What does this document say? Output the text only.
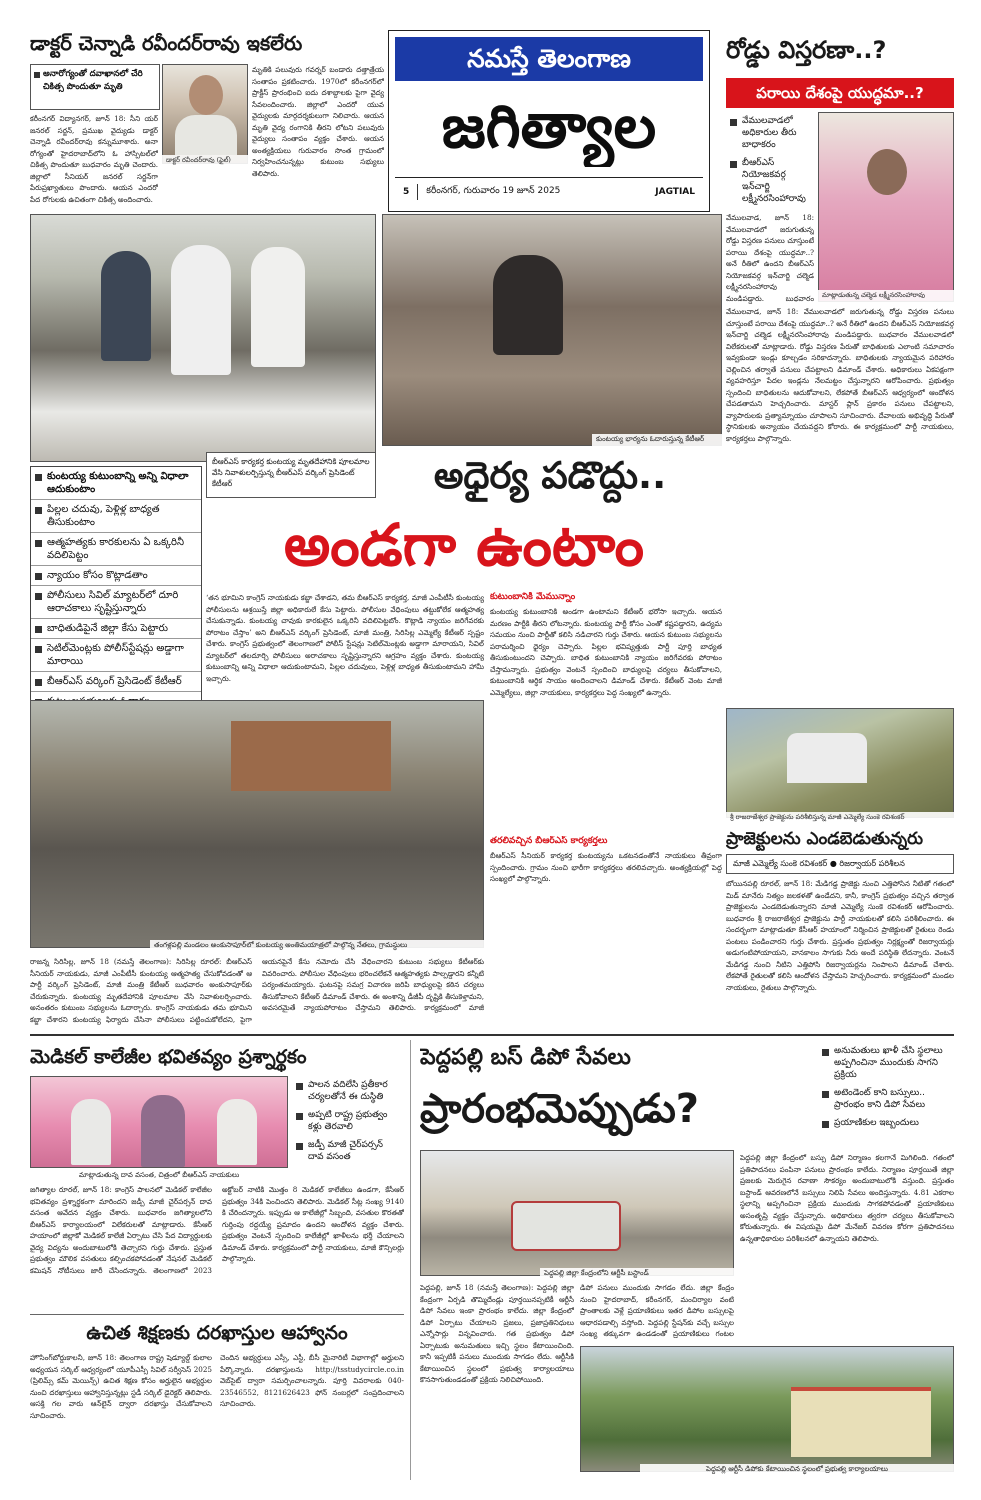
నమస్తే తెలంగాణ
జగిత్యాల
5	కరీంనగర్, గురువారం 19 జూన్ 2025	JAGTIAL
డాక్టర్ చెన్నాడి రవీందర్‌రావు ఇకలేరు
అనారోగ్యంతో దవాఖానలో చేరి చికిత్స పొందుతూ మృతి
డాక్టర్ రవీందర్‌రావు (ఫైల్)
కరీంనగర్ విద్యానగర్, జూన్ 18: సీని యర్ జనరల్ సర్జన్, ప్రముఖ వైద్యుడు డాక్టర్ చెన్నాడి రవీందర్‌రావు కన్నుమూశారు. అనా రోగ్యంతో హైదరాబాద్‌లోని ఓ హాస్పిటల్‌లో చికిత్స పొందుతూ బుధవారం మృతి చెందారు. జిల్లాలో సీనియర్ జనరల్ సర్జన్‌గా పేరుప్రఖ్యాతులు పొందారు. ఆయన ఎందరో పేద రోగులకు ఉచితంగా చికిత్స అందించారు.
మృతికి పలువురు గవర్నర్ బండారు దత్తాత్రేయ సంతాపం ప్రకటించారు. 1970లో కరీంనగర్‌లో ప్రాక్టీస్ ప్రారంభించి ఐదు దశాబ్దాలకు పైగా వైద్య సేవలందించారు. జిల్లాలో ఎందరో యువ వైద్యులకు మార్గదర్శకులుగా నిలిచారు. ఆయన మృతి వైద్య రంగానికి తీరని లోటని పలువురు వైద్యులు సంతాపం వ్యక్తం చేశారు. ఆయన అంత్యక్రియలు గురువారం సొంత గ్రామంలో నిర్వహించనున్నట్లు కుటుంబ సభ్యులు తెలిపారు.
రోడ్డు విస్తరణా..?
పరాయి దేశంపై యుద్ధమా..?
వేములవాడలో అధికారుల తీరు బాధాకరం
బీఆర్‌ఎస్ నియోజకవర్గ ఇన్‌చార్జి లక్ష్మీనరసింహారావు
మాట్లాడుతున్న చల్మెడ లక్ష్మీనరసింహారావు
వేములవాడ, జూన్ 18: వేములవాడలో జరుగుతున్న రోడ్డు విస్తరణ పనులు చూస్తుంటే పరాయి దేశంపై యుద్ధమా..? అనే రీతిలో ఉందని బీఆర్‌ఎస్ నియోజకవర్గ ఇన్‌చార్జి చల్మెడ లక్ష్మీనరసింహారావు మండిపడ్డారు. బుధవారం
వేములవాడ, జూన్ 18: వేములవాడలో జరుగుతున్న రోడ్డు విస్తరణ పనులు చూస్తుంటే పరాయి దేశంపై యుద్ధమా..? అనే రీతిలో ఉందని బీఆర్‌ఎస్ నియోజకవర్గ ఇన్‌చార్జి చల్మెడ లక్ష్మీనరసింహారావు మండిపడ్డారు. బుధవారం వేములవాడలో విలేకరులతో మాట్లాడారు. రోడ్డు విస్తరణ పేరుతో బాధితులకు ఎలాంటి సమాచారం ఇవ్వకుండా ఇండ్లు కూల్చడం సరికాదన్నారు. బాధితులకు న్యాయమైన పరిహారం చెల్లించిన తర్వాతే పనులు చేపట్టాలని డిమాండ్ చేశారు. అధికారులు ఏకపక్షంగా వ్యవహరిస్తూ పేదల ఇండ్లను నేలమట్టం చేస్తున్నారని ఆరోపించారు. ప్రభుత్వం స్పందించి బాధితులను ఆదుకోవాలని, లేకపోతే బీఆర్‌ఎస్ ఆధ్వర్యంలో ఆందోళన చేపడతామని హెచ్చరించారు. మాస్టర్ ప్లాన్ ప్రకారం పనులు చేపట్టాలని, వ్యాపారులకు ప్రత్యామ్నాయం చూపాలని సూచించారు. దేవాలయ అభివృద్ధి పేరుతో స్థానికులకు అన్యాయం చేయవద్దని కోరారు. ఈ కార్యక్రమంలో పార్టీ నాయకులు, కార్యకర్తలు పాల్గొన్నారు.
కుంటయ్య భార్యను ఓదారుస్తున్న కేటీఆర్
బీఆర్‌ఎస్ కార్యకర్త కుంటయ్య మృతదేహానికి పూలమాల వేసి నివాళులర్పిస్తున్న బీఆర్‌ఎస్ వర్కింగ్ ప్రెసిడెంట్ కేటీఆర్	అధైర్య పడొద్దు..
అండగా ఉంటాం
కుంటయ్య కుటుంబాన్ని అన్ని విధాలా ఆదుకుంటాం
పిల్లల చదువు, పెళ్లిళ్ల బాధ్యత తీసుకుంటాం
ఆత్మహత్యకు కారకులను ఏ ఒక్కరినీ వదిలిపెట్టం
న్యాయం కోసం కొట్లాడతాం
పోలీసులు సివిల్ మ్యాటర్‌లో దూరి ఆరాచకాలు సృష్టిస్తున్నారు
బాధితుడిపైనే జిల్లా కేసు పెట్టారు
సెటిల్‌మెంట్లకు పోలీస్‌స్టేషన్లు అడ్డాగా మారాయి
బీఆర్‌ఎస్ వర్కింగ్ ప్రెసిడెంట్ కేటీఆర్
‘తన భూమిని కాంగ్రెస్ నాయకుడు కబ్జా చేశాడని, తమ బీఆర్‌ఎస్ కార్యకర్త, మాజీ ఎంపీటీసీ కుంటయ్య పోలీసులను ఆశ్రయిస్తే జిల్లా అధికారులే కేసు పెట్టారు. పోలీసుల వేధింపులు తట్టుకోలేక ఆత్మహత్య చేసుకున్నాడు. కుంటయ్య చావుకు కారకులైన ఒక్కరినీ వదిలిపెట్టబోం. కొట్లాడి న్యాయం జరిగేవరకు పోరాటం చేస్తాం’ అని బీఆర్‌ఎస్ వర్కింగ్ ప్రెసిడెంట్, మాజీ మంత్రి, సిరిసిల్ల ఎమ్మెల్యే కేటీఆర్ స్పష్టం చేశారు. కాంగ్రెస్ ప్రభుత్వంలో తెలంగాణలో పోలీస్ స్టేషన్లు సెటిల్‌మెంట్లకు అడ్డాగా మారాయని, సివిల్ మ్యాటర్‌లో తలదూర్చి పోలీసులు అరాచకాలు సృష్టిస్తున్నారని ఆగ్రహం వ్యక్తం చేశారు. కుంటయ్య కుటుంబాన్ని అన్ని విధాలా ఆదుకుంటామని, పిల్లల చదువులు, పెళ్లిళ్ల బాధ్యత తీసుకుంటామని హామీ ఇచ్చారు.
కుటుంబానికి మేమున్నాం
కుంటయ్య కుటుంబానికి అండగా ఉంటామని కేటీఆర్ భరోసా ఇచ్చారు. ఆయన మరణం పార్టీకి తీరని లోటన్నారు. కుంటయ్య పార్టీ కోసం ఎంతో కష్టపడ్డారని, ఉద్యమ సమయం నుంచి పార్టీతో కలిసి నడిచారని గుర్తు చేశారు. ఆయన కుటుంబ సభ్యులను పరామర్శించి ధైర్యం చెప్పారు. పిల్లల భవిష్యత్తుకు పార్టీ పూర్తి బాధ్యత తీసుకుంటుందని చెప్పారు. బాధిత కుటుంబానికి న్యాయం జరిగేవరకు పోరాటం చేస్తామన్నారు. ప్రభుత్వం వెంటనే స్పందించి బాధ్యులపై చర్యలు తీసుకోవాలని, కుటుంబానికి ఆర్థిక సాయం అందించాలని డిమాండ్ చేశారు. కేటీఆర్ వెంట మాజీ ఎమ్మెల్యేలు, జిల్లా నాయకులు, కార్యకర్తలు పెద్ద సంఖ్యలో ఉన్నారు.
తరలివచ్చిన బీఆర్‌ఎస్ కార్యకర్తలు
బీఆర్‌ఎస్ సీనియర్ కార్యకర్త కుంటయ్యను ఒకటనడంతోనే నాయకులు తీవ్రంగా స్పందించారు. గ్రామం నుంచి భారీగా కార్యకర్తలు తరలివచ్చారు. అంత్యక్రియల్లో పెద్ద సంఖ్యలో పాల్గొన్నారు.
తంగళ్లపల్లి మండలం అంకుసాపూర్‌లో కుంటయ్య అంతిమయాత్రలో పాల్గొన్న నేతలు, గ్రామస్థులు
రాజన్న సిరిసిల్ల, జూన్ 18 (నమస్తే తెలంగాణ): సిరిసిల్ల రూరల్: బీఆర్‌ఎస్ సీనియర్ నాయకుడు, మాజీ ఎంపీటీసీ కుంటయ్య ఆత్మహత్య చేసుకోవడంతో ఆ పార్టీ వర్కింగ్ ప్రెసిడెంట్, మాజీ మంత్రి కేటీఆర్ బుధవారం అంకుసాపూర్‌కు చేరుకున్నారు. కుంటయ్య మృతదేహానికి పూలమాల వేసి నివాళులర్పించారు. అనంతరం కుటుంబ సభ్యులను ఓదార్చారు. కాంగ్రెస్ నాయకుడు తమ భూమిని కబ్జా చేశారని కుంటయ్య ఫిర్యాదు చేసినా పోలీసులు పట్టించుకోలేదని, పైగా ఆయనపైనే కేసు నమోదు చేసి వేధించారని కుటుంబ సభ్యులు కేటీఆర్‌కు వివరించారు. పోలీసుల వేధింపులు భరించలేకనే ఆత్మహత్యకు పాల్పడ్డారని కన్నీటి పర్యంతమయ్యారు. ఘటనపై సమగ్ర విచారణ జరిపి బాధ్యులపై కఠిన చర్యలు తీసుకోవాలని కేటీఆర్ డిమాండ్ చేశారు. ఈ అంశాన్ని డీజీపీ దృష్టికి తీసుకెళ్తామని, అవసరమైతే న్యాయపోరాటం చేస్తామని తెలిపారు. కార్యక్రమంలో మాజీ
శ్రీ రాజరాజేశ్వర ప్రాజెక్టును పరిశీలిస్తున్న మాజీ ఎమ్మెల్యే సుంకె రవిశంకర్
ప్రాజెక్టులను ఎండబెడుతున్నరు
మాజీ ఎమ్మెల్యే సుంకె రవిశంకర్ ● రిజర్వాయర్ పరిశీలన
బోయినపల్లి రూరల్, జూన్ 18: మేడిగడ్డ ప్రాజెక్టు నుంచి ఎత్తిపోసిన నీటితో గతంలో మిడ్ మానేరు నిత్యం జలకళతో ఉండేదని, కానీ, కాంగ్రెస్ ప్రభుత్వం వచ్చిన తర్వాత ప్రాజెక్టులను ఎండబెడుతున్నారని మాజీ ఎమ్మెల్యే సుంకె రవిశంకర్ ఆరోపించారు. బుధవారం శ్రీ రాజరాజేశ్వర ప్రాజెక్టును పార్టీ నాయకులతో కలిసి పరిశీలించారు. ఈ సందర్భంగా మాట్లాడుతూ కేసీఆర్ హయాంలో నిర్మించిన ప్రాజెక్టులతో రైతులు రెండు పంటలు పండించారని గుర్తు చేశారు. ప్రస్తుతం ప్రభుత్వం నిర్లక్ష్యంతో రిజర్వాయర్లు అడుగంటిపోయాయని, వానకాలం సాగుకు నీరు అందే పరిస్థితి లేదన్నారు. వెంటనే మేడిగడ్డ నుంచి నీటిని ఎత్తిపోసి రిజర్వాయర్లను నింపాలని డిమాండ్ చేశారు. లేకపోతే రైతులతో కలిసి ఆందోళన చేస్తామని హెచ్చరించారు. కార్యక్రమంలో మండల నాయకులు, రైతులు పాల్గొన్నారు.
మెడికల్ కాలేజీల భవితవ్యం ప్రశ్నార్థకం
మాట్లాడుతున్న దావ వసంత, చిత్రంలో బీఆర్‌ఎస్ నాయకులు
పాలన వదిలేసి ప్రతీకార చర్యలతోనే ఈ దుస్థితి
అప్పటి రాష్ట్ర ప్రభుత్వం కళ్లు తెరవాలి
జడ్పీ మాజీ చైర్‌పర్సన్ దావ వసంత
జగిత్యాల రూరల్, జూన్ 18: కాంగ్రెస్ పాలనలో మెడికల్ కాలేజీల భవితవ్యం ప్రశ్నార్థకంగా మారిందని జడ్పీ మాజీ చైర్‌పర్సన్ దావ వసంత ఆవేదన వ్యక్తం చేశారు. బుధవారం జగిత్యాలలోని బీఆర్‌ఎస్ కార్యాలయంలో విలేకరులతో మాట్లాడారు. కేసీఆర్ హయాంలో జిల్లాకో మెడికల్ కాలేజీ ఏర్పాటు చేసి పేద విద్యార్థులకు వైద్య విద్యను అందుబాటులోకి తెచ్చారని గుర్తు చేశారు. ప్రస్తుత ప్రభుత్వం మౌలిక వసతులు కల్పించకపోవడంతో నేషనల్ మెడికల్ కమిషన్ నోటీసులు జారీ చేసిందన్నారు. తెలంగాణలో 2023 అక్టోబర్ నాటికి మొత్తం 8 మెడికల్ కాలేజీలు ఉండగా, కేసీఆర్ ప్రభుత్వం 34కి పెంచిందని తెలిపారు. మెడికల్ సీట్ల సంఖ్య 9140 కి చేరిందన్నారు. ఇప్పుడు ఆ కాలేజీల్లో సిబ్బంది, వసతుల కొరతతో గుర్తింపు రద్దయ్యే ప్రమాదం ఉందని ఆందోళన వ్యక్తం చేశారు. ప్రభుత్వం వెంటనే స్పందించి కాలేజీల్లో ఖాళీలను భర్తీ చేయాలని డిమాండ్ చేశారు. కార్యక్రమంలో పార్టీ నాయకులు, మాజీ కౌన్సిలర్లు పాల్గొన్నారు.
ఉచిత శిక్షణకు దరఖాస్తుల ఆహ్వానం
హౌసింగ్‌బోర్డుకాలనీ, జూన్ 18: తెలంగాణ రాష్ట్ర షెడ్యూల్డ్ కులాల అధ్యయన సర్కిల్ ఆధ్వర్యంలో యూపీఎస్సీ సివిల్ సర్వీసెస్ 2025 (ప్రిలిమ్స్ కమ్ మెయిన్స్) ఉచిత శిక్షణ కోసం అర్హులైన అభ్యర్థుల నుంచి దరఖాస్తులు ఆహ్వానిస్తున్నట్లు స్టడీ సర్కిల్ డైరెక్టర్ తెలిపారు. ఆసక్తి గల వారు ఆన్‌లైన్ ద్వారా దరఖాస్తు చేసుకోవాలని సూచించారు.
చెందిన అభ్యర్థులు ఎస్సీ, ఎస్టీ, బీసీ మైనారిటీ విభాగాల్లో అర్హులని పేర్కొన్నారు. దరఖాస్తులను http://tsstudycircle.co.in వెబ్‌సైట్ ద్వారా సమర్పించాలన్నారు. పూర్తి వివరాలకు 040-23546552, 8121626423 ఫోన్ నంబర్లలో సంప్రదించాలని సూచించారు.
పెద్దపల్లి బస్ డిపో సేవలు
ప్రారంభమెప్పుడు?
అనుమతులు ఖాళీ చేసి స్థలాలు అప్పగించినా ముందుకు సాగని ప్రక్రియ
అటెండెంట్ కాని బస్సులు.. ప్రారంభం కాని డిపో సేవలు
ప్రయాణికుల ఇబ్బందులు
పెద్దపల్లి జిల్లా కేంద్రంలోని ఆర్టీసీ బస్టాండ్
పెద్దపల్లి, జూన్ 18 (నమస్తే తెలంగాణ): పెద్దపల్లి జిల్లా కేంద్రంగా ఏర్పడి తొమ్మిదేండ్లు పూర్తయినప్పటికీ ఆర్టీసీ డిపో సేవలు ఇంకా ప్రారంభం కాలేదు. జిల్లా కేంద్రంలో డిపో ఏర్పాటు చేయాలని ప్రజలు, ప్రజాప్రతినిధులు ఎన్నోసార్లు విన్నవించారు. గత ప్రభుత్వం డిపో ఏర్పాటుకు అనుమతులు ఇచ్చి స్థలం కేటాయించింది. కానీ ఇప్పటికీ పనులు ముందుకు సాగడం లేదు. ఆర్టీసీకి కేటాయించిన స్థలంలో ప్రభుత్వ కార్యాలయాలు కొనసాగుతుండడంతో ప్రక్రియ నిలిచిపోయింది.
డిపో పనులు ముందుకు సాగడం లేదు. జిల్లా కేంద్రం నుంచి హైదరాబాద్, కరీంనగర్, మంచిర్యాల వంటి ప్రాంతాలకు వెళ్లే ప్రయాణికులు ఇతర డిపోల బస్సులపై ఆధారపడాల్సి వస్తోంది. పెద్దపల్లి స్టేషన్‌కు వచ్చే బస్సుల సంఖ్య తక్కువగా ఉండడంతో ప్రయాణికులు గంటల
పెద్దపల్లి జిల్లా కేంద్రంలో బస్సు డిపో నిర్మాణం కలగానే మిగిలింది. గతంలో ప్రతిపాదనలు పంపినా పనులు ప్రారంభం కాలేదు. నిర్మాణం పూర్తయితే జిల్లా ప్రజలకు మెరుగైన రవాణా సౌకర్యం అందుబాటులోకి వస్తుంది. ప్రస్తుతం బస్టాండ్ ఆవరణలోనే బస్సులు నిలిపి సేవలు అందిస్తున్నారు. 4.81 ఎకరాల స్థలాన్ని అప్పగించినా ప్రక్రియ ముందుకు సాగకపోవడంతో ప్రయాణికులు అసంతృప్తి వ్యక్తం చేస్తున్నారు. అధికారులు త్వరగా చర్యలు తీసుకోవాలని కోరుతున్నారు. ఈ విషయమై డిపో మేనేజర్ వివరణ కోరగా ప్రతిపాదనలు ఉన్నతాధికారుల పరిశీలనలో ఉన్నాయని తెలిపారు.
పెద్దపల్లి ఆర్టీసీ డిపోకు కేటాయించిన స్థలంలో ప్రభుత్వ కార్యాలయాలు
